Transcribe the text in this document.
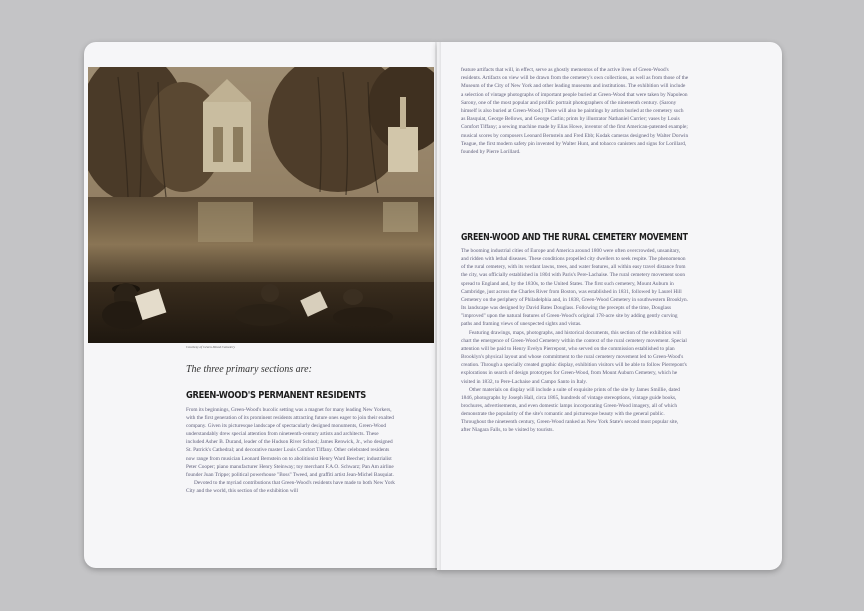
Courtesy of Green-Wood Cemetery
The three primary sections are:
GREEN-WOOD'S PERMANENT RESIDENTS

From its beginnings, Green-Wood's bucolic setting was a magnet for many leading New Yorkers, with the first generation of its prominent residents attracting future ones eager to join their exalted company. Given its picturesque landscape of spectacularly designed monuments, Green-Wood understandably drew special attention from nineteenth-century artists and architects. These included Asher B. Durand, leader of the Hudson River School; James Renwick, Jr., who designed St. Patrick's Cathedral; and decorative master Louis Comfort Tiffany. Other celebrated residents now range from musician Leonard Bernstein on to abolitionist Henry Ward Beecher; industrialist Peter Cooper; piano manufacturer Henry Steinway; toy merchant F.A.O. Schwarz; Pan Am airline founder Juan Trippe; political powerhouse "Boss" Tweed, and graffiti artist Jean-Michel Basquiat.

Devoted to the myriad contributions that Green-Wood's residents have made to both New York City and the world, this section of the exhibition will

feature artifacts that will, in effect, serve as ghostly mementos of the active lives of Green-Wood's residents. Artifacts on view will be drawn from the cemetery's own collections, as well as from those of the Museum of the City of New York and other leading museums and institutions. The exhibition will include a selection of vintage photographs of important people buried at Green-Wood that were taken by Napoleon Sarony, one of the most popular and prolific portrait photographers of the nineteenth century. (Sarony himself is also buried at Green-Wood.) There will also be paintings by artists buried at the cemetery such as Basquiat, George Bellows, and George Catlin; prints by illustrator Nathaniel Currier; vases by Louis Comfort Tiffany; a sewing machine made by Elias Howe, inventor of the first American-patented example; musical scores by composers Leonard Bernstein and Fred Ebb; Kodak cameras designed by Walter Dorwin Teague, the first modern safety pin invented by Walter Hunt, and tobacco canisters and signs for Lorillard, founded by Pierre Lorillard.

GREEN-WOOD AND THE RURAL CEMETERY MOVEMENT

The booming industrial cities of Europe and America around 1800 were often overcrowded, unsanitary, and ridden with lethal diseases. These conditions propelled city dwellers to seek respite. The phenomenon of the rural cemetery, with its verdant lawns, trees, and water features, all within easy travel distance from the city, was officially established in 1804 with Paris's Pere-Lachaise. The rural cemetery movement soon spread to England and, by the 1830s, to the United States. The first such cemetery, Mount Auburn in Cambridge, just across the Charles River from Boston, was established in 1831, followed by Laurel Hill Cemetery on the periphery of Philadelphia and, in 1838, Green-Wood Cemetery in southwestern Brooklyn. Its landscape was designed by David Bates Douglass. Following the precepts of the time, Douglass "improved" upon the natural features of Green-Wood's original 178-acre site by adding gently curving paths and framing views of unexpected sights and vistas.

Featuring drawings, maps, photographs, and historical documents, this section of the exhibition will chart the emergence of Green-Wood Cemetery within the context of the rural cemetery movement. Special attention will be paid to Henry Evelyn Pierrepont, who served on the commission established to plan Brooklyn's physical layout and whose commitment to the rural cemetery movement led to Green-Wood's creation. Through a specially created graphic display, exhibition visitors will be able to follow Pierrepont's explorations in search of design prototypes for Green-Wood, from Mount Auburn Cemetery, which he visited in 1832, to Pere-Lachaise and Campo Santo in Italy.

Other materials on display will include a suite of exquisite prints of the site by James Smillie, dated 1846, photographs by Joseph Hall, circa 1865, hundreds of vintage stereoptions, vintage guide books, brochures, advertisements, and even domestic lamps incorporating Green-Wood imagery, all of which demonstrate the popularity of the site's romantic and picturesque beauty with the general public. Throughout the nineteenth century, Green-Wood ranked as New York State's second most popular site, after Niagara Falls, to be visited by tourists.
